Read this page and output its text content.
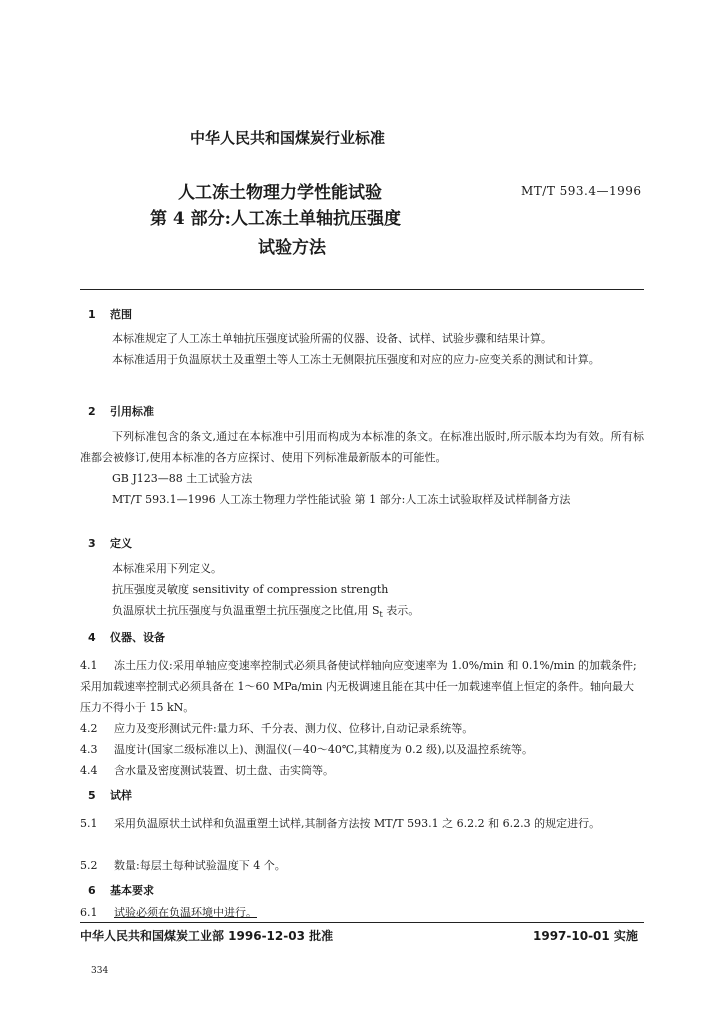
中华人民共和国煤炭行业标准
人工冻土物理力学性能试验
第 4 部分:人工冻土单轴抗压强度
试验方法
MT/T 593.4—1996
1 范围
本标准规定了人工冻土单轴抗压强度试验所需的仪器、设备、试样、试验步骤和结果计算。
本标准适用于负温原状土及重塑土等人工冻土无侧限抗压强度和对应的应力-应变关系的测试和计算。
2 引用标准
下列标准包含的条文,通过在本标准中引用而构成为本标准的条文。在标准出版时,所示版本均为有效。所有标准都会被修订,使用本标准的各方应探讨、使用下列标准最新版本的可能性。
GB J123—88 土工试验方法
MT/T 593.1—1996 人工冻土物理力学性能试验 第 1 部分:人工冻土试验取样及试样制备方法
3 定义
本标准采用下列定义。
抗压强度灵敏度 sensitivity of compression strength
负温原状土抗压强度与负温重塑土抗压强度之比值,用 $S_t$ 表示。
4 仪器、设备
4.1 冻土压力仪:采用单轴应变速率控制式必须具备使试样轴向应变速率为 1.0%/min 和 0.1%/min 的加载条件;采用加载速率控制式必须具备在 1～60 MPa/min 内无极调速且能在其中任一加载速率值上恒定的条件。轴向最大压力不得小于 15 kN。
4.2 应力及变形测试元件:量力环、千分表、测力仪、位移计,自动记录系统等。
4.3 温度计(国家二级标准以上)、测温仪(－40～40℃,其精度为 0.2 级),以及温控系统等。
4.4 含水量及密度测试装置、切土盘、击实筒等。
5 试样
5.1 采用负温原状土试样和负温重塑土试样,其制备方法按 MT/T 593.1 之 6.2.2 和 6.2.3 的规定进行。
5.2 数量:每层土每种试验温度下 4 个。
6 基本要求
6.1 试验必须在负温环境中进行。
中华人民共和国煤炭工业部 1996-12-03 批准	1997-10-01 实施
334
